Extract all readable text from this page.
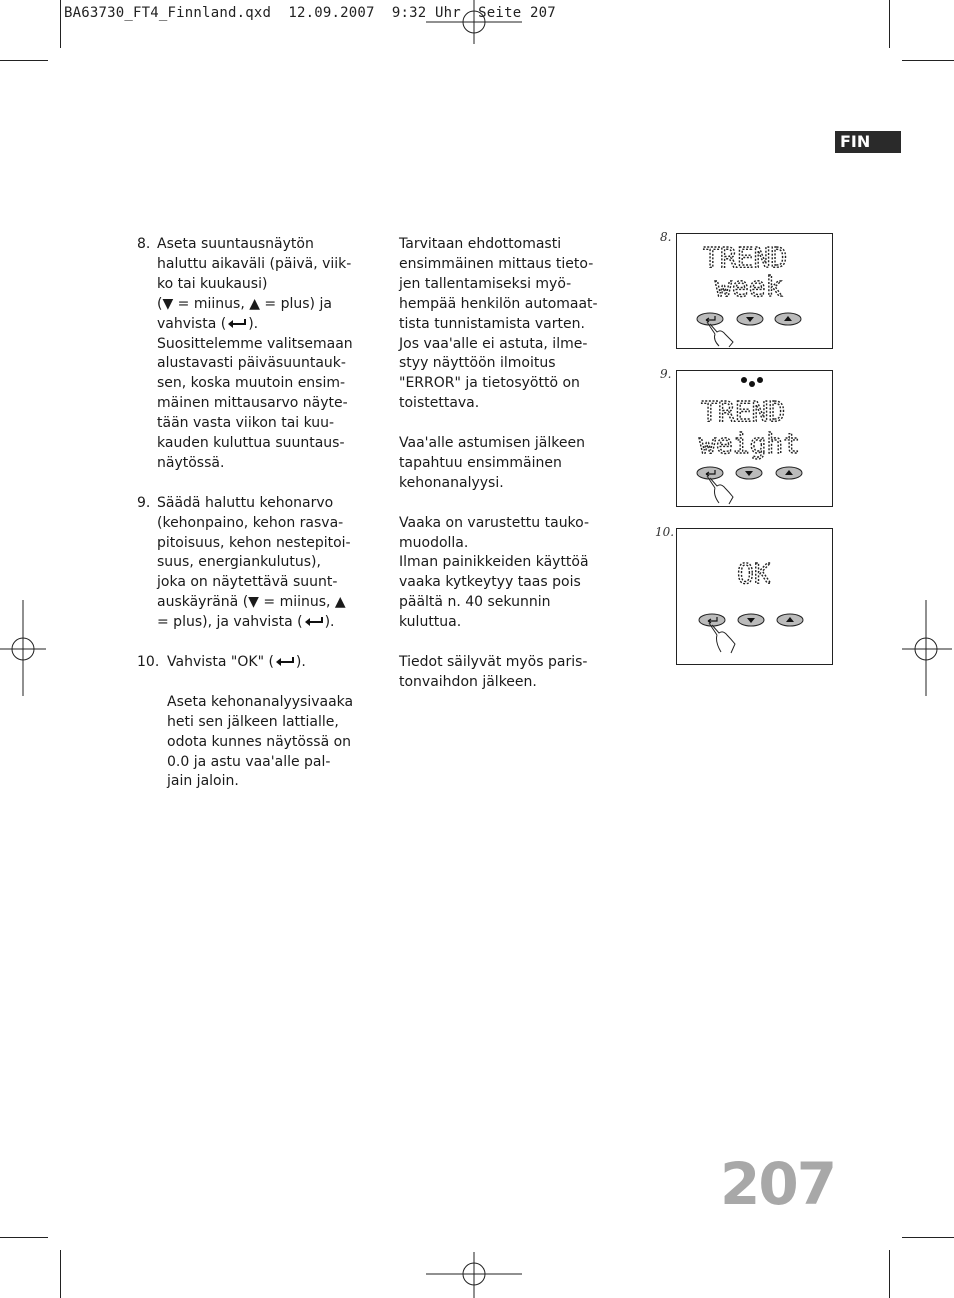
BA63730_FT4_Finnland.qxd  12.09.2007  9:32 Uhr  Seite 207
FIN
8. Aseta suuntausnäytön

haluttu aikaväli (päivä, viik-

ko tai kuukausi)

(▼ = miinus, ▲ = plus) ja

vahvista ( ).

Suosittelemme valitsemaan

alustavasti päiväsuuntauk-

sen, koska muutoin ensim-

mäinen mittausarvo näyte-

tään vasta viikon tai kuu-

kauden kuluttua suuntaus-

näytössä.

9. Säädä haluttu kehonarvo

(kehonpaino, kehon rasva-

pitoisuus, kehon nestepitoi-

suus, energiankulutus),

joka on näytettävä suunt-

auskäyränä (▼ = miinus, ▲

= plus), ja vahvista ( ).

10. Vahvista "OK" ( ).

Aseta kehonanalyysivaaka

heti sen jälkeen lattialle,

odota kunnes näytössä on

0.0 ja astu vaa'alle pal-

jain jaloin.

Tarvitaan ehdottomasti

ensimmäinen mittaus tieto-

jen tallentamiseksi myö-

hempää henkilön automaat-

tista tunnistamista varten.

Jos vaa'alle ei astuta, ilme-

styy näyttöön ilmoitus

"ERROR" ja tietosyöttö on

toistettava.

Vaa'alle astumisen jälkeen

tapahtuu ensimmäinen

kehonanalyysi.

Vaaka on varustettu tauko-

muodolla.

Ilman painikkeiden käyttöä

vaaka kytkeytyy taas pois

päältä n. 40 sekunnin

kuluttua.

Tiedot säilyvät myös paris-

tonvaihdon jälkeen.

8.
TREND
week
9.
TREND
weight
10.
OK
207
